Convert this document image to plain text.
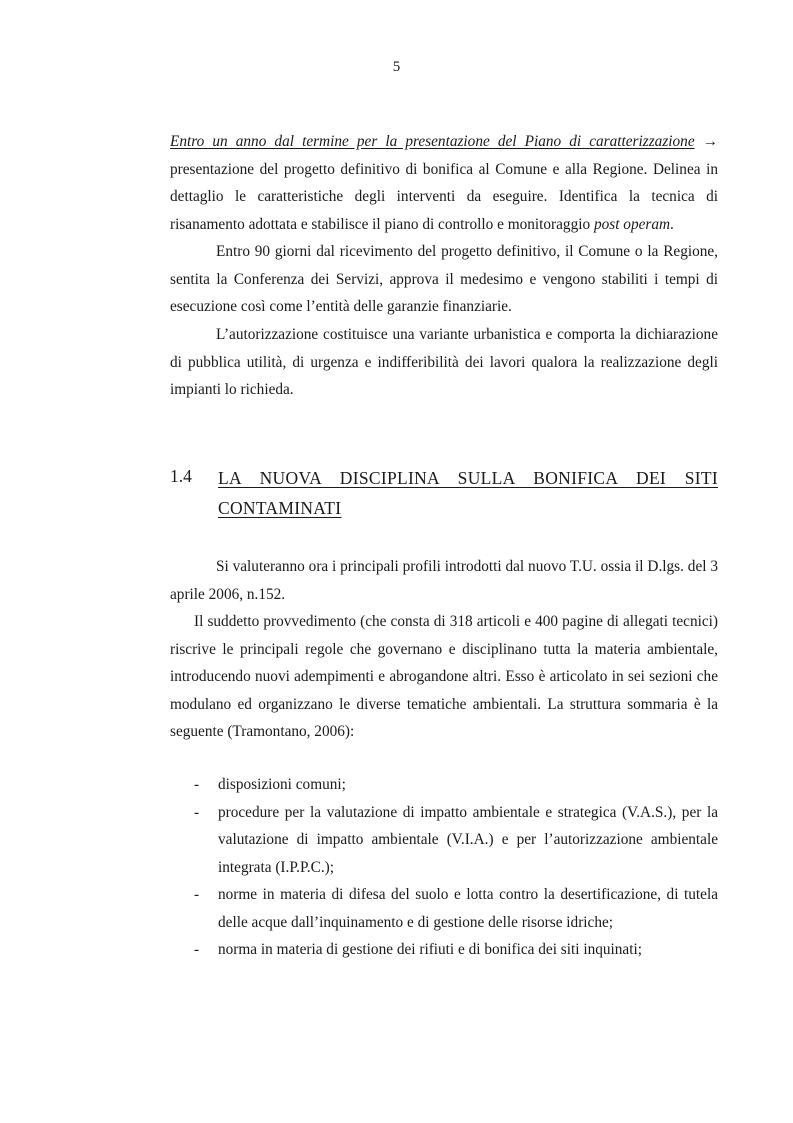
5

Entro un anno dal termine per la presentazione del Piano di caratterizzazione → presentazione del progetto definitivo di bonifica al Comune e alla Regione. Delinea in dettaglio le caratteristiche degli interventi da eseguire. Identifica la tecnica di risanamento adottata e stabilisce il piano di controllo e monitoraggio post operam.

Entro 90 giorni dal ricevimento del progetto definitivo, il Comune o la Regione, sentita la Conferenza dei Servizi, approva il medesimo e vengono stabiliti i tempi di esecuzione così come l’entità delle garanzie finanziarie.

L’autorizzazione costituisce una variante urbanistica e comporta la dichiarazione di pubblica utilità, di urgenza e indifferibilità dei lavori qualora la realizzazione degli impianti lo richieda.

1.4 LA NUOVA DISCIPLINA SULLA BONIFICA DEI SITI CONTAMINATI

Si valuteranno ora i principali profili introdotti dal nuovo T.U. ossia il D.lgs. del 3 aprile 2006, n.152.

Il suddetto provvedimento (che consta di 318 articoli e 400 pagine di allegati tecnici) riscrive le principali regole che governano e disciplinano tutta la materia ambientale, introducendo nuovi adempimenti e abrogandone altri. Esso è articolato in sei sezioni che modulano ed organizzano le diverse tematiche ambientali. La struttura sommaria è la seguente (Tramontano, 2006):

- disposizioni comuni;
- procedure per la valutazione di impatto ambientale e strategica (V.A.S.), per la valutazione di impatto ambientale (V.I.A.) e per l’autorizzazione ambientale integrata (I.P.P.C.);
- norme in materia di difesa del suolo e lotta contro la desertificazione, di tutela delle acque dall’inquinamento e di gestione delle risorse idriche;
- norma in materia di gestione dei rifiuti e di bonifica dei siti inquinati;
